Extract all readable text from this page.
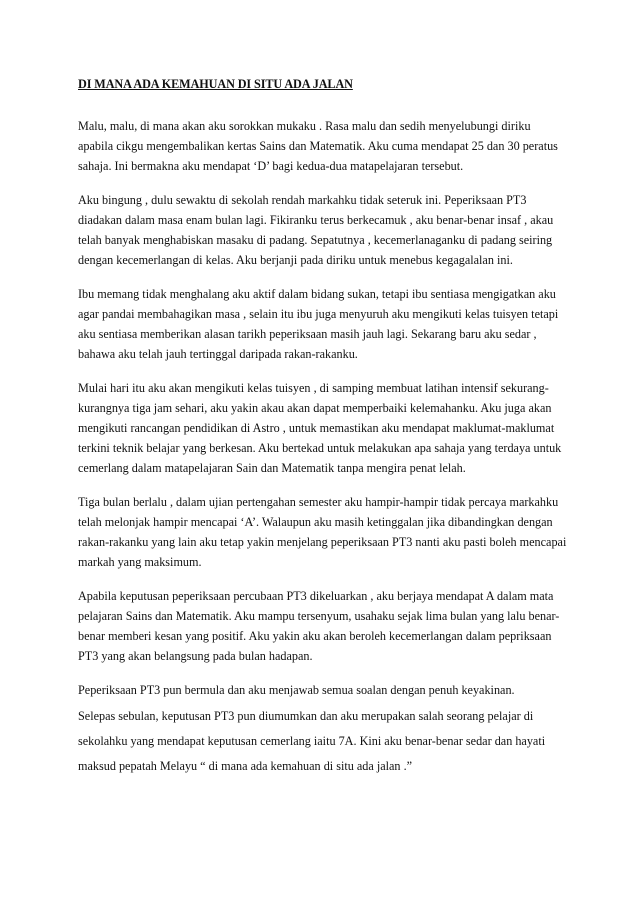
DI MANA ADA KEMAHUAN DI SITU ADA JALAN

Malu, malu, di mana akan aku sorokkan mukaku . Rasa malu dan sedih menyelubungi diriku apabila cikgu mengembalikan kertas Sains dan Matematik. Aku cuma mendapat 25 dan 30 peratus sahaja. Ini bermakna aku mendapat ‘D’ bagi kedua-dua matapelajaran tersebut.

Aku bingung , dulu sewaktu di sekolah rendah markahku tidak seteruk ini. Peperiksaan PT3 diadakan dalam masa enam bulan lagi. Fikiranku terus berkecamuk , aku benar-benar insaf , akau telah banyak menghabiskan masaku di padang. Sepatutnya , kecemerlanaganku di padang seiring dengan kecemerlangan di kelas. Aku berjanji pada diriku untuk menebus kegagalalan ini.

Ibu memang tidak menghalang aku aktif dalam bidang sukan, tetapi ibu sentiasa mengigatkan aku agar pandai membahagikan masa , selain itu ibu juga menyuruh aku mengikuti kelas tuisyen tetapi aku sentiasa memberikan alasan tarikh peperiksaan masih jauh lagi. Sekarang baru aku sedar , bahawa aku telah jauh tertinggal daripada rakan-rakanku.

Mulai hari itu aku akan mengikuti kelas tuisyen , di samping membuat latihan intensif sekurang-kurangnya tiga jam sehari, aku yakin akau akan dapat memperbaiki kelemahanku. Aku juga akan mengikuti rancangan pendidikan di Astro , untuk memastikan aku mendapat maklumat-maklumat terkini teknik belajar yang berkesan. Aku bertekad untuk melakukan apa sahaja yang terdaya untuk cemerlang dalam matapelajaran Sain dan Matematik tanpa mengira penat lelah.

Tiga bulan berlalu , dalam ujian pertengahan semester aku hampir-hampir tidak percaya markahku telah melonjak hampir mencapai ‘A’. Walaupun aku masih ketinggalan jika dibandingkan dengan rakan-rakanku yang lain aku tetap yakin menjelang peperiksaan PT3 nanti aku pasti boleh mencapai markah yang maksimum.

Apabila keputusan peperiksaan percubaan PT3 dikeluarkan , aku berjaya mendapat A dalam mata pelajaran Sains dan Matematik. Aku mampu tersenyum, usahaku sejak lima bulan yang lalu benar-benar memberi kesan yang positif. Aku yakin aku akan beroleh kecemerlangan dalam pepriksaan PT3 yang akan belangsung pada bulan hadapan.

Peperiksaan PT3 pun bermula dan aku menjawab semua soalan dengan penuh keyakinan.

Selepas sebulan, keputusan PT3 pun diumumkan dan aku merupakan salah seorang pelajar di sekolahku yang mendapat keputusan cemerlang iaitu 7A. Kini aku benar-benar sedar dan hayati maksud pepatah Melayu “ di mana ada kemahuan di situ ada jalan .”
